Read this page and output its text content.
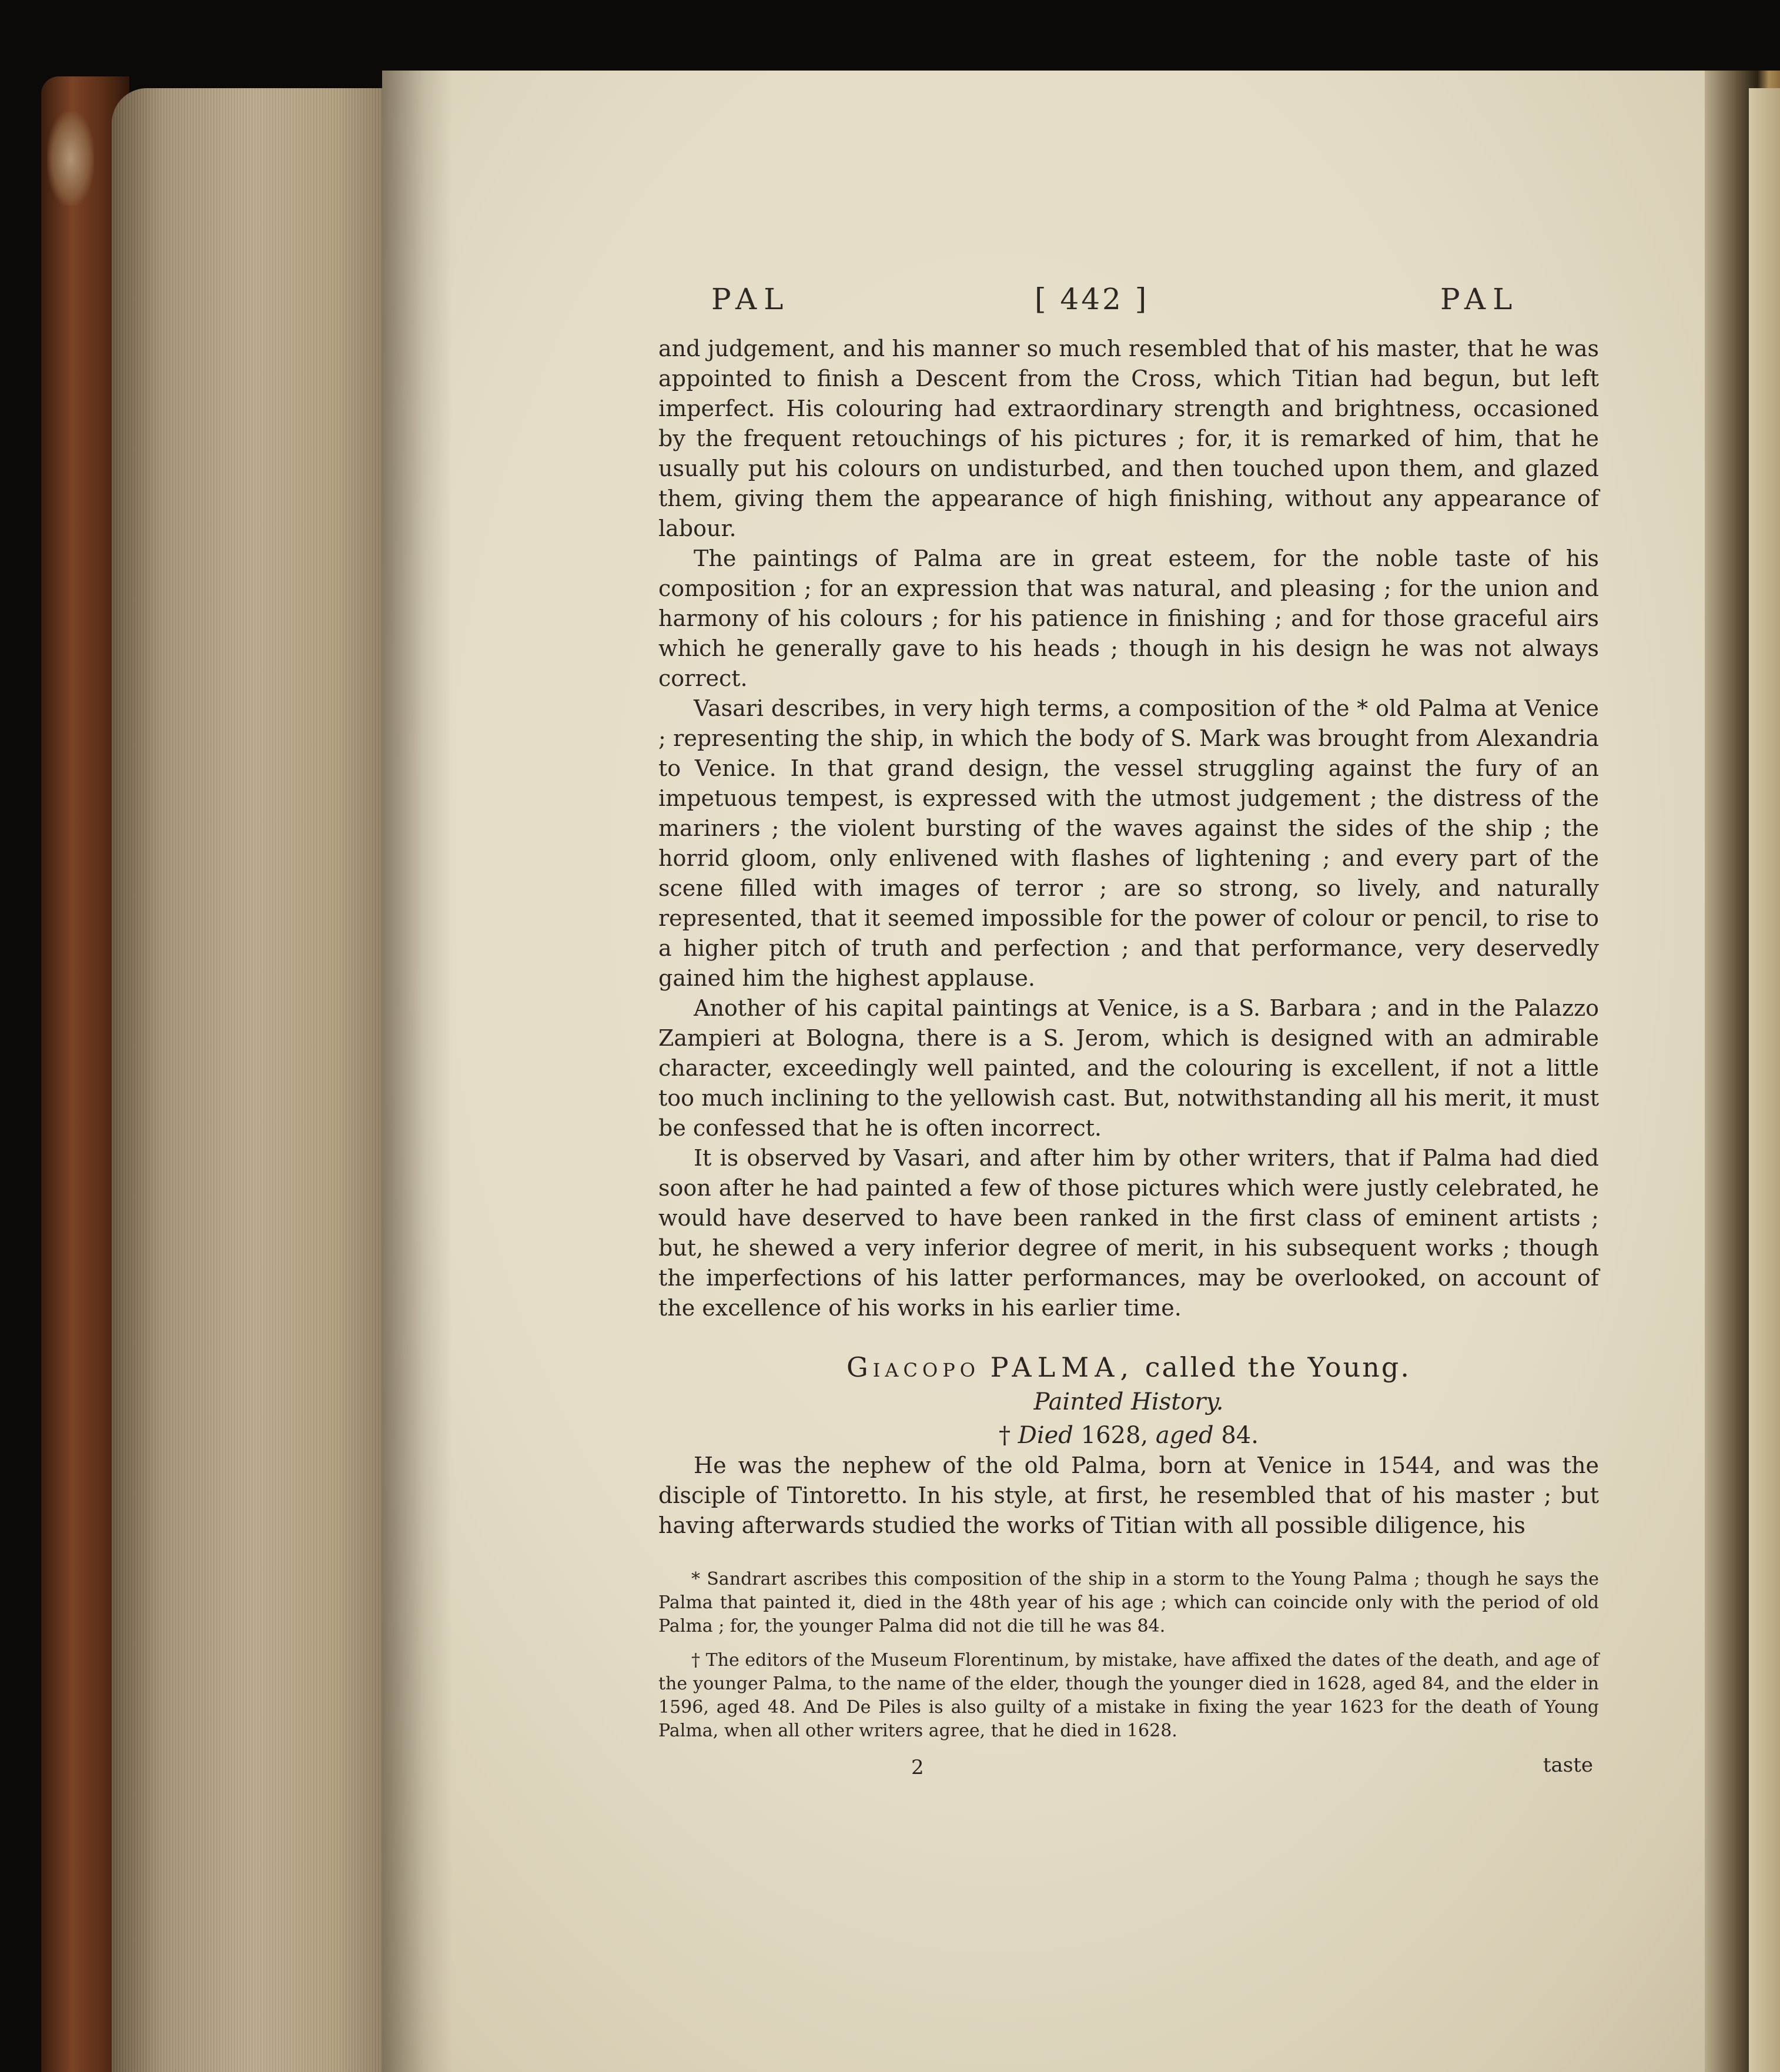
PAL	[ 442 ]	PAL

and judgement, and his manner so much resembled that of his master, that he was appointed to finish a Descent from the Cross, which Titian had begun, but left imperfect. His colouring had extraordinary strength and brightness, occasioned by the frequent retouchings of his pictures ; for, it is remarked of him, that he usually put his colours on undisturbed, and then touched upon them, and glazed them, giving them the appearance of high finishing, without any appearance of labour.

The paintings of Palma are in great esteem, for the noble taste of his composition ; for an expression that was natural, and pleasing ; for the union and harmony of his colours ; for his patience in finishing ; and for those graceful airs which he generally gave to his heads ; though in his design he was not always correct.

Vasari describes, in very high terms, a composition of the * old Palma at Venice ; representing the ship, in which the body of S. Mark was brought from Alexandria to Venice. In that grand design, the vessel struggling against the fury of an impetuous tempest, is expressed with the utmost judgement ; the distress of the mariners ; the violent bursting of the waves against the sides of the ship ; the horrid gloom, only enlivened with flashes of lightening ; and every part of the scene filled with images of terror ; are so strong, so lively, and naturally represented, that it seemed impossible for the power of colour or pencil, to rise to a higher pitch of truth and perfection ; and that performance, very deservedly gained him the highest applause.

Another of his capital paintings at Venice, is a S. Barbara ; and in the Palazzo Zampieri at Bologna, there is a S. Jerom, which is designed with an admirable character, exceedingly well painted, and the colouring is excellent, if not a little too much inclining to the yellowish cast. But, notwithstanding all his merit, it must be confessed that he is often incorrect.

It is observed by Vasari, and after him by other writers, that if Palma had died soon after he had painted a few of those pictures which were justly celebrated, he would have deserved to have been ranked in the first class of eminent artists ; but, he shewed a very inferior degree of merit, in his subsequent works ; though the imperfections of his latter performances, may be overlooked, on account of the excellence of his works in his earlier time.

Giacopo PALMA, called the Young.
Painted History.
† Died 1628, aged 84.

He was the nephew of the old Palma, born at Venice in 1544, and was the disciple of Tintoretto. In his style, at first, he resembled that of his master ; but having afterwards studied the works of Titian with all possible diligence, his

* Sandrart ascribes this composition of the ship in a storm to the Young Palma ; though he says the Palma that painted it, died in the 48th year of his age ; which can coincide only with the period of old Palma ; for, the younger Palma did not die till he was 84.

† The editors of the Museum Florentinum, by mistake, have affixed the dates of the death, and age of the younger Palma, to the name of the elder, though the younger died in 1628, aged 84, and the elder in 1596, aged 48. And De Piles is also guilty of a mistake in fixing the year 1623 for the death of Young Palma, when all other writers agree, that he died in 1628.

2	taste
